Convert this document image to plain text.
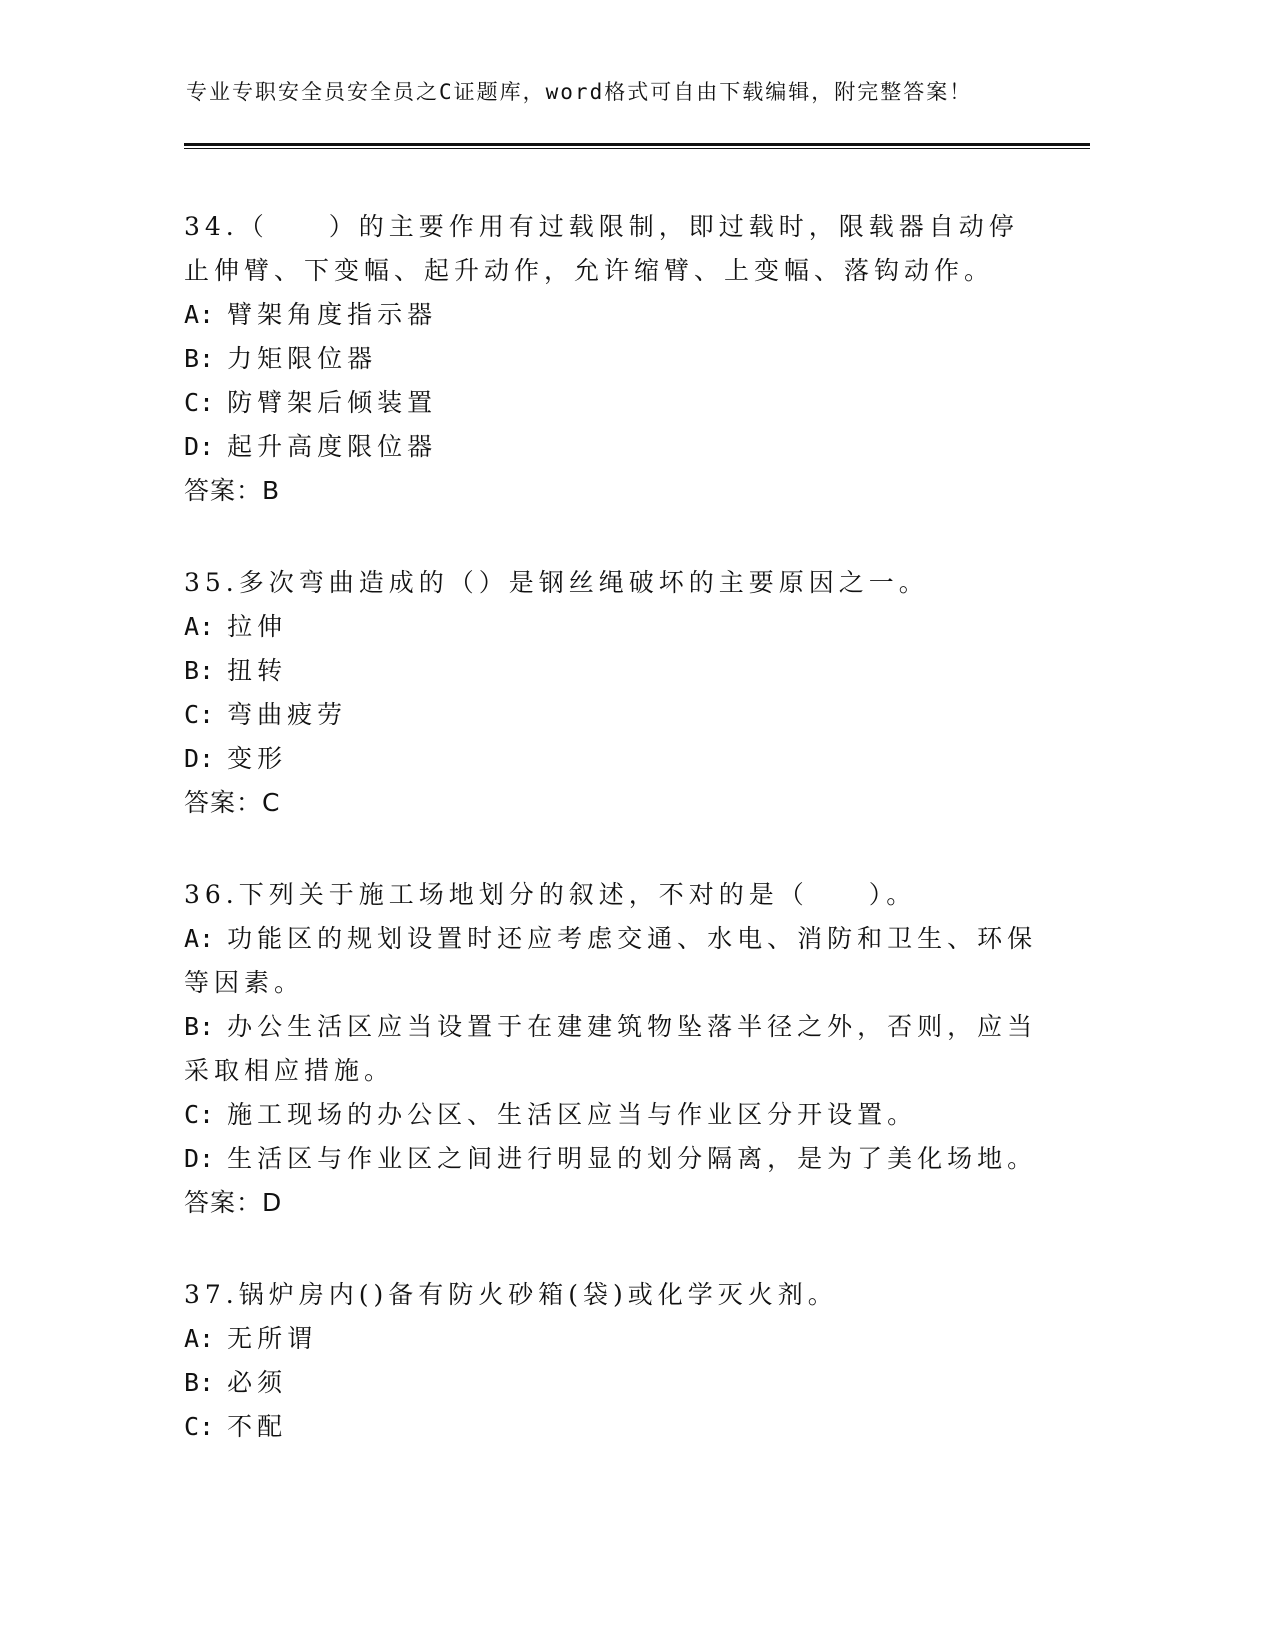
专业专职安全员安全员之C证题库，word格式可自由下载编辑，附完整答案！
34.（　　）的主要作用有过载限制，即过载时，限载器自动停止伸臂、下变幅、起升动作，允许缩臂、上变幅、落钩动作。
A: 臂架角度指示器
B: 力矩限位器
C: 防臂架后倾装置
D: 起升高度限位器
答案：B
35.多次弯曲造成的（）是钢丝绳破坏的主要原因之一。
A: 拉伸
B: 扭转
C: 弯曲疲劳
D: 变形
答案：C
36.下列关于施工场地划分的叙述，不对的是（　　）。
A: 功能区的规划设置时还应考虑交通、水电、消防和卫生、环保等因素。
B: 办公生活区应当设置于在建建筑物坠落半径之外，否则，应当采取相应措施。
C: 施工现场的办公区、生活区应当与作业区分开设置。
D: 生活区与作业区之间进行明显的划分隔离，是为了美化场地。
答案：D
37.锅炉房内()备有防火砂箱(袋)或化学灭火剂。
A: 无所谓
B: 必须
C: 不配
